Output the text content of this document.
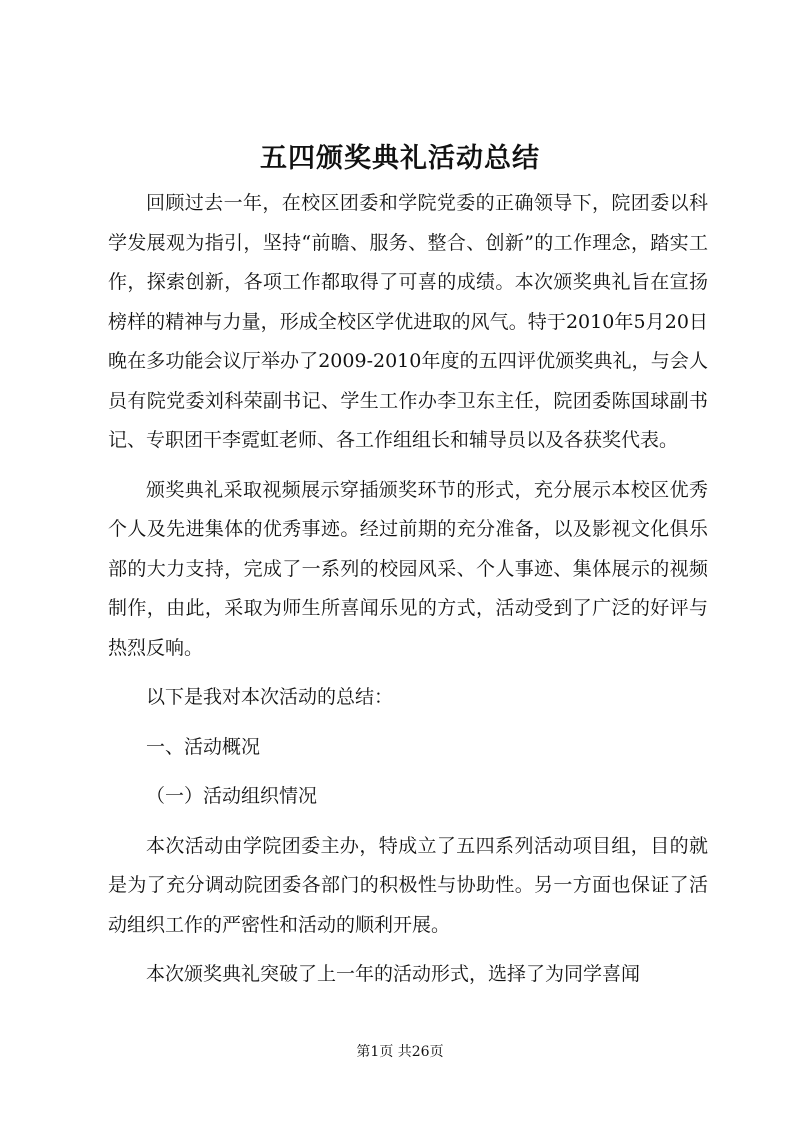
五四颁奖典礼活动总结

回顾过去一年，在校区团委和学院党委的正确领导下，院团委以科学发展观为指引，坚持“前瞻、服务、整合、创新”的工作理念，踏实工作，探索创新，各项工作都取得了可喜的成绩。本次颁奖典礼旨在宣扬榜样的精神与力量，形成全校区学优进取的风气。特于2010年5月20日晚在多功能会议厅举办了2009-2010年度的五四评优颁奖典礼，与会人员有院党委刘科荣副书记、学生工作办李卫东主任，院团委陈国球副书记、专职团干李霓虹老师、各工作组组长和辅导员以及各获奖代表。

颁奖典礼采取视频展示穿插颁奖环节的形式，充分展示本校区优秀个人及先进集体的优秀事迹。经过前期的充分准备，以及影视文化俱乐部的大力支持，完成了一系列的校园风采、个人事迹、集体展示的视频制作，由此，采取为师生所喜闻乐见的方式，活动受到了广泛的好评与热烈反响。

以下是我对本次活动的总结：

一、活动概况

（一）活动组织情况

本次活动由学院团委主办，特成立了五四系列活动项目组，目的就是为了充分调动院团委各部门的积极性与协助性。另一方面也保证了活动组织工作的严密性和活动的顺利开展。

本次颁奖典礼突破了上一年的活动形式，选择了为同学喜闻

第1页 共26页
